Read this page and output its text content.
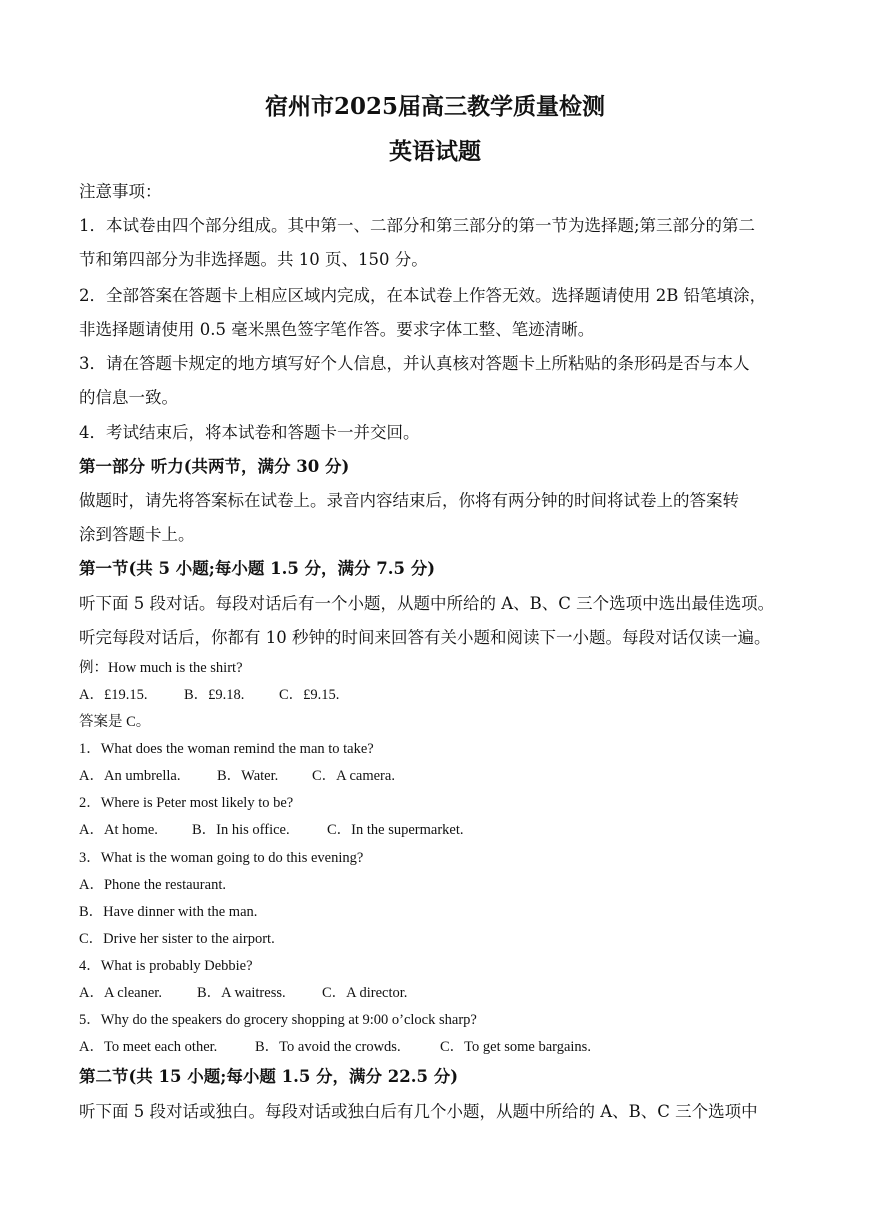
宿州市2025届高三教学质量检测
英语试题
注意事项：
1．本试卷由四个部分组成。其中第一、二部分和第三部分的第一节为选择题;第三部分的第二
节和第四部分为非选择题。共 10 页、150 分。
2．全部答案在答题卡上相应区域内完成，在本试卷上作答无效。选择题请使用 2B 铅笔填涂，
非选择题请使用 0.5 毫米黑色签字笔作答。要求字体工整、笔迹清晰。
3．请在答题卡规定的地方填写好个人信息，并认真核对答题卡上所粘贴的条形码是否与本人
的信息一致。
4．考试结束后，将本试卷和答题卡一并交回。
第一部分 听力(共两节，满分 30 分)
做题时，请先将答案标在试卷上。录音内容结束后，你将有两分钟的时间将试卷上的答案转
涂到答题卡上。
第一节(共 5 小题;每小题 1.5 分，满分 7.5 分)
听下面 5 段对话。每段对话后有一个小题，从题中所给的 A、B、C 三个选项中选出最佳选项。
听完每段对话后，你都有 10 秒钟的时间来回答有关小题和阅读下一小题。每段对话仅读一遍。
例：How much is the shirt?
A．£19.15.	B．£9.18. C．£9.15.
答案是 C。
1．What does the woman remind the man to take?
A．An umbrella.	B．Water. C．A camera.
2．Where is Peter most likely to be?
A．At home. B．In his office.	C．In the supermarket.
3．What is the woman going to do this evening?
A．Phone the restaurant.
B．Have dinner with the man.
C．Drive her sister to the airport.
4．What is probably Debbie?
A．A cleaner. B．A waitress.	C．A director.
5．Why do the speakers do grocery shopping at 9:00 o’clock sharp?
A．To meet each other.	B．To avoid the crowds.	C．To get some bargains.
第二节(共 15 小题;每小题 1.5 分，满分 22.5 分)
听下面 5 段对话或独白。每段对话或独白后有几个小题，从题中所给的 A、B、C 三个选项中
